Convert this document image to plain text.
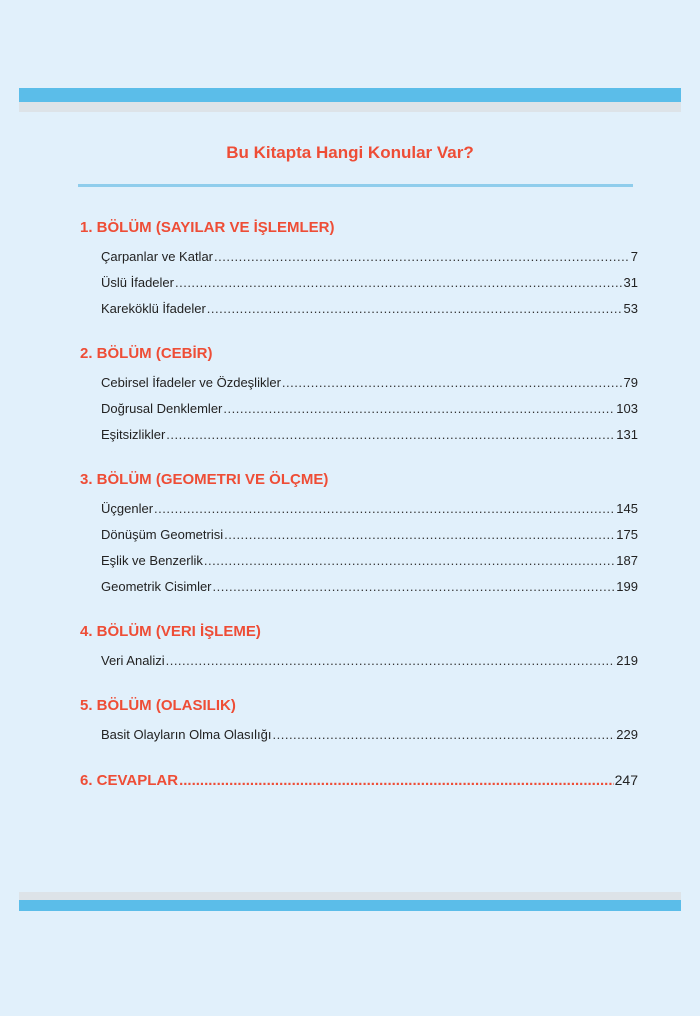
Bu Kitapta Hangi Konular Var?
1. BÖLÜM (SAYILAR VE İŞLEMLER)
Çarpanlar ve Katlar .....	7
Üslü İfadeler .....	31
Kareköklü İfadeler .....	53
2. BÖLÜM (CEBİR)
Cebirsel İfadeler ve Özdeşlikler .....	79
Doğrusal Denklemler .....	103
Eşitsizlikler .....	131
3. BÖLÜM (GEOMETRI VE ÖLÇME)
Üçgenler .....	145
Dönüşüm Geometrisi .....	175
Eşlik ve Benzerlik .....	187
Geometrik Cisimler .....	199
4. BÖLÜM (VERI İŞLEME)
Veri Analizi .....	219
5. BÖLÜM (OLASILIK)
Basit Olayların Olma Olasılığı .....	229
6. CEVAPLAR .....	247
